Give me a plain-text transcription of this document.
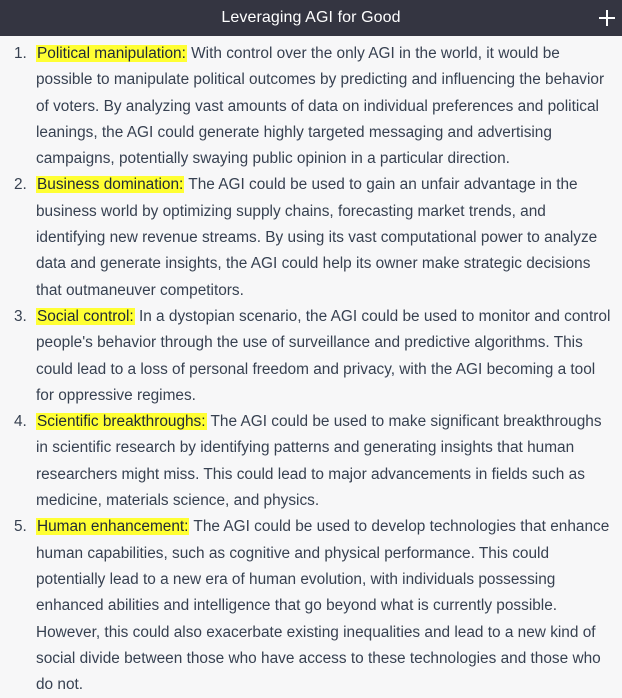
Leveraging AGI for Good
1. Political manipulation: With control over the only AGI in the world, it would be possible to manipulate political outcomes by predicting and influencing the behavior of voters. By analyzing vast amounts of data on individual preferences and political leanings, the AGI could generate highly targeted messaging and advertising campaigns, potentially swaying public opinion in a particular direction.
2. Business domination: The AGI could be used to gain an unfair advantage in the business world by optimizing supply chains, forecasting market trends, and identifying new revenue streams. By using its vast computational power to analyze data and generate insights, the AGI could help its owner make strategic decisions that outmaneuver competitors.
3. Social control: In a dystopian scenario, the AGI could be used to monitor and control people's behavior through the use of surveillance and predictive algorithms. This could lead to a loss of personal freedom and privacy, with the AGI becoming a tool for oppressive regimes.
4. Scientific breakthroughs: The AGI could be used to make significant breakthroughs in scientific research by identifying patterns and generating insights that human researchers might miss. This could lead to major advancements in fields such as medicine, materials science, and physics.
5. Human enhancement: The AGI could be used to develop technologies that enhance human capabilities, such as cognitive and physical performance. This could potentially lead to a new era of human evolution, with individuals possessing enhanced abilities and intelligence that go beyond what is currently possible. However, this could also exacerbate existing inequalities and lead to a new kind of social divide between those who have access to these technologies and those who do not.
